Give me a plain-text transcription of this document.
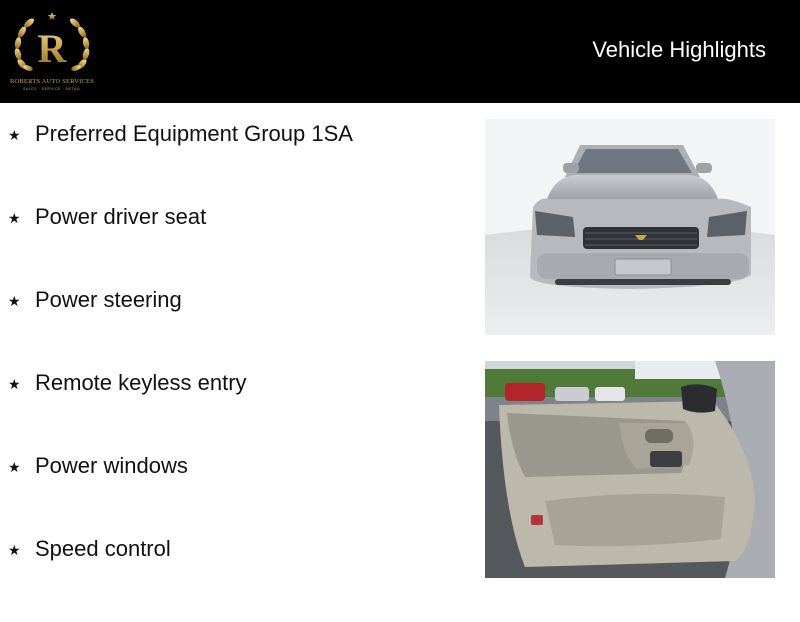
R
ROBERTS AUTO SERVICES
SALES · SERVICE · DETAIL
Vehicle Highlights
★ Preferred Equipment Group 1SA
★ Power driver seat
★ Power steering
★ Remote keyless entry
★ Power windows
★ Speed control
